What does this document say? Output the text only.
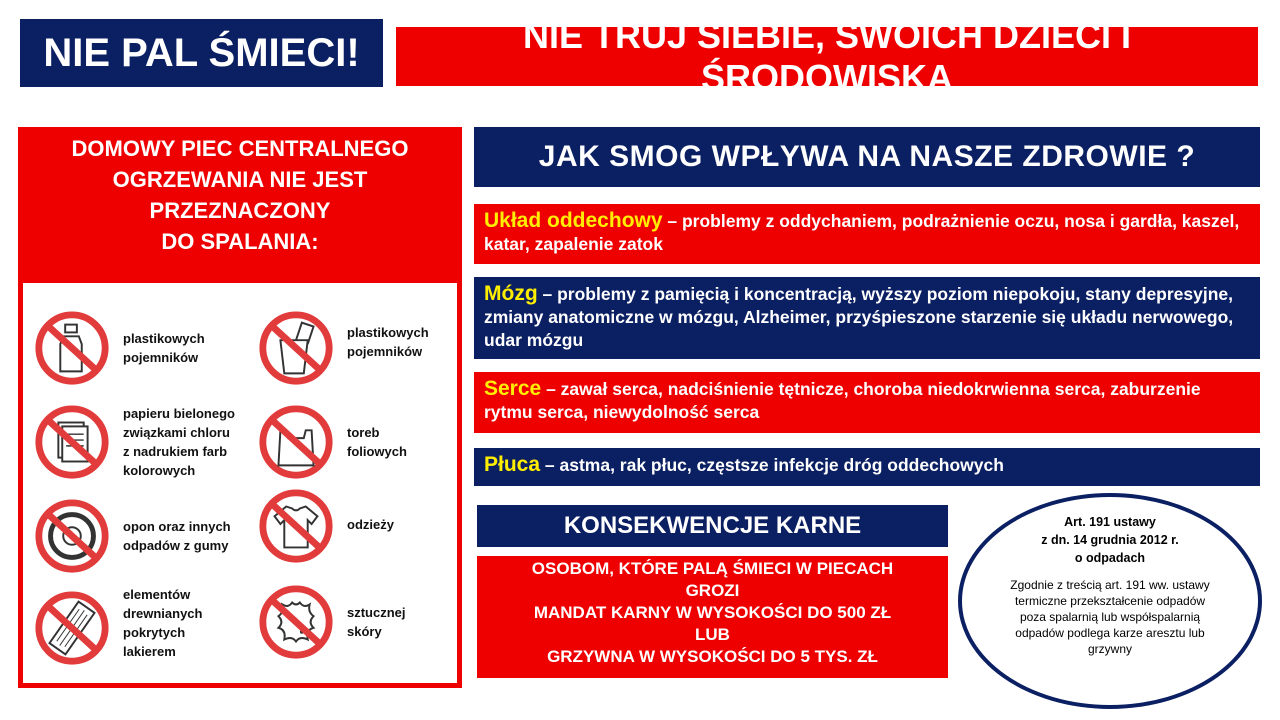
NIE PAL ŚMIECI!	NIE TRUJ SIEBIE, SWOICH DZIECI I ŚRODOWISKA
DOMOWY PIEC CENTRALNEGO
OGRZEWANIA NIE JEST
PRZEZNACZONY
DO SPALANIA:
plastikowych
pojemników
plastikowych
pojemników
papieru bielonego
związkami chloru
z nadrukiem farb
kolorowych
toreb
foliowych
opon oraz innych
odpadów z gumy
odzieży
elementów
drewnianych
pokrytych
lakierem
sztucznej
skóry
JAK SMOG WPŁYWA NA NASZE ZDROWIE ?
Układ oddechowy – problemy z oddychaniem, podrażnienie oczu, nosa i gardła, kaszel, katar, zapalenie zatok
Mózg – problemy z pamięcią i koncentracją, wyższy poziom niepokoju, stany depresyjne, zmiany anatomiczne w mózgu, Alzheimer, przyśpieszone starzenie się układu nerwowego, udar mózgu
Serce – zawał serca, nadciśnienie tętnicze, choroba niedokrwienna serca, zaburzenie rytmu serca, niewydolność serca
Płuca – astma, rak płuc, częstsze infekcje dróg oddechowych
KONSEKWENCJE KARNE
OSOBOM, KTÓRE PALĄ ŚMIECI W PIECACH
GROZI
MANDAT KARNY W WYSOKOŚCI DO 500 ZŁ
LUB
GRZYWNA W WYSOKOŚCI DO 5 TYS. ZŁ
Art. 191 ustawy
z dn. 14 grudnia 2012 r.
o odpadach
Zgodnie z treścią art. 191 ww. ustawy termiczne przekształcenie odpadów poza spalarnią lub współspalarnią odpadów podlega karze aresztu lub grzywny
